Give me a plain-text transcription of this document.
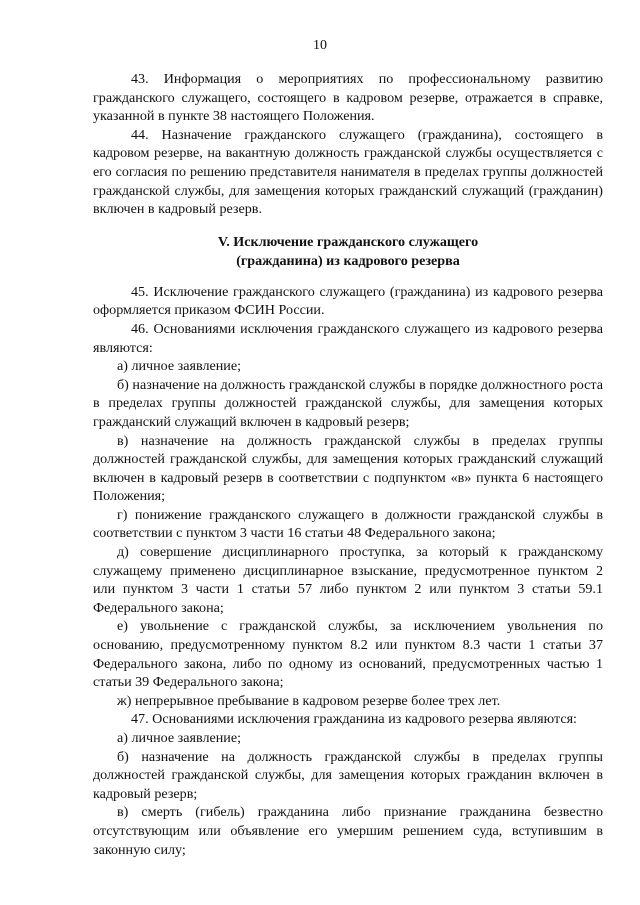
10

43. Информация о мероприятиях по профессиональному развитию гражданского служащего, состоящего в кадровом резерве, отражается в справке, указанной в пункте 38 настоящего Положения.

44. Назначение гражданского служащего (гражданина), состоящего в кадровом резерве, на вакантную должность гражданской службы осуществляется с его согласия по решению представителя нанимателя в пределах группы должностей гражданской службы, для замещения которых гражданский служащий (гражданин) включен в кадровый резерв.

V. Исключение гражданского служащего
(гражданина) из кадрового резерва

45. Исключение гражданского служащего (гражданина) из кадрового резерва оформляется приказом ФСИН России.

46. Основаниями исключения гражданского служащего из кадрового резерва являются:

а) личное заявление;

б) назначение на должность гражданской службы в порядке должностного роста в пределах группы должностей гражданской службы, для замещения которых гражданский служащий включен в кадровый резерв;

в) назначение на должность гражданской службы в пределах группы должностей гражданской службы, для замещения которых гражданский служащий включен в кадровый резерв в соответствии с подпунктом «в» пункта 6 настоящего Положения;

г) понижение гражданского служащего в должности гражданской службы в соответствии с пунктом 3 части 16 статьи 48 Федерального закона;

д) совершение дисциплинарного проступка, за который к гражданскому служащему применено дисциплинарное взыскание, предусмотренное пунктом 2 или пунктом 3 части 1 статьи 57 либо пунктом 2 или пунктом 3 статьи 59.1 Федерального закона;

е) увольнение с гражданской службы, за исключением увольнения по основанию, предусмотренному пунктом 8.2 или пунктом 8.3 части 1 статьи 37 Федерального закона, либо по одному из оснований, предусмотренных частью 1 статьи 39 Федерального закона;

ж) непрерывное пребывание в кадровом резерве более трех лет.

47. Основаниями исключения гражданина из кадрового резерва являются:

а) личное заявление;

б) назначение на должность гражданской службы в пределах группы должностей гражданской службы, для замещения которых гражданин включен в кадровый резерв;

в) смерть (гибель) гражданина либо признание гражданина безвестно отсутствующим или объявление его умершим решением суда, вступившим в законную силу;
